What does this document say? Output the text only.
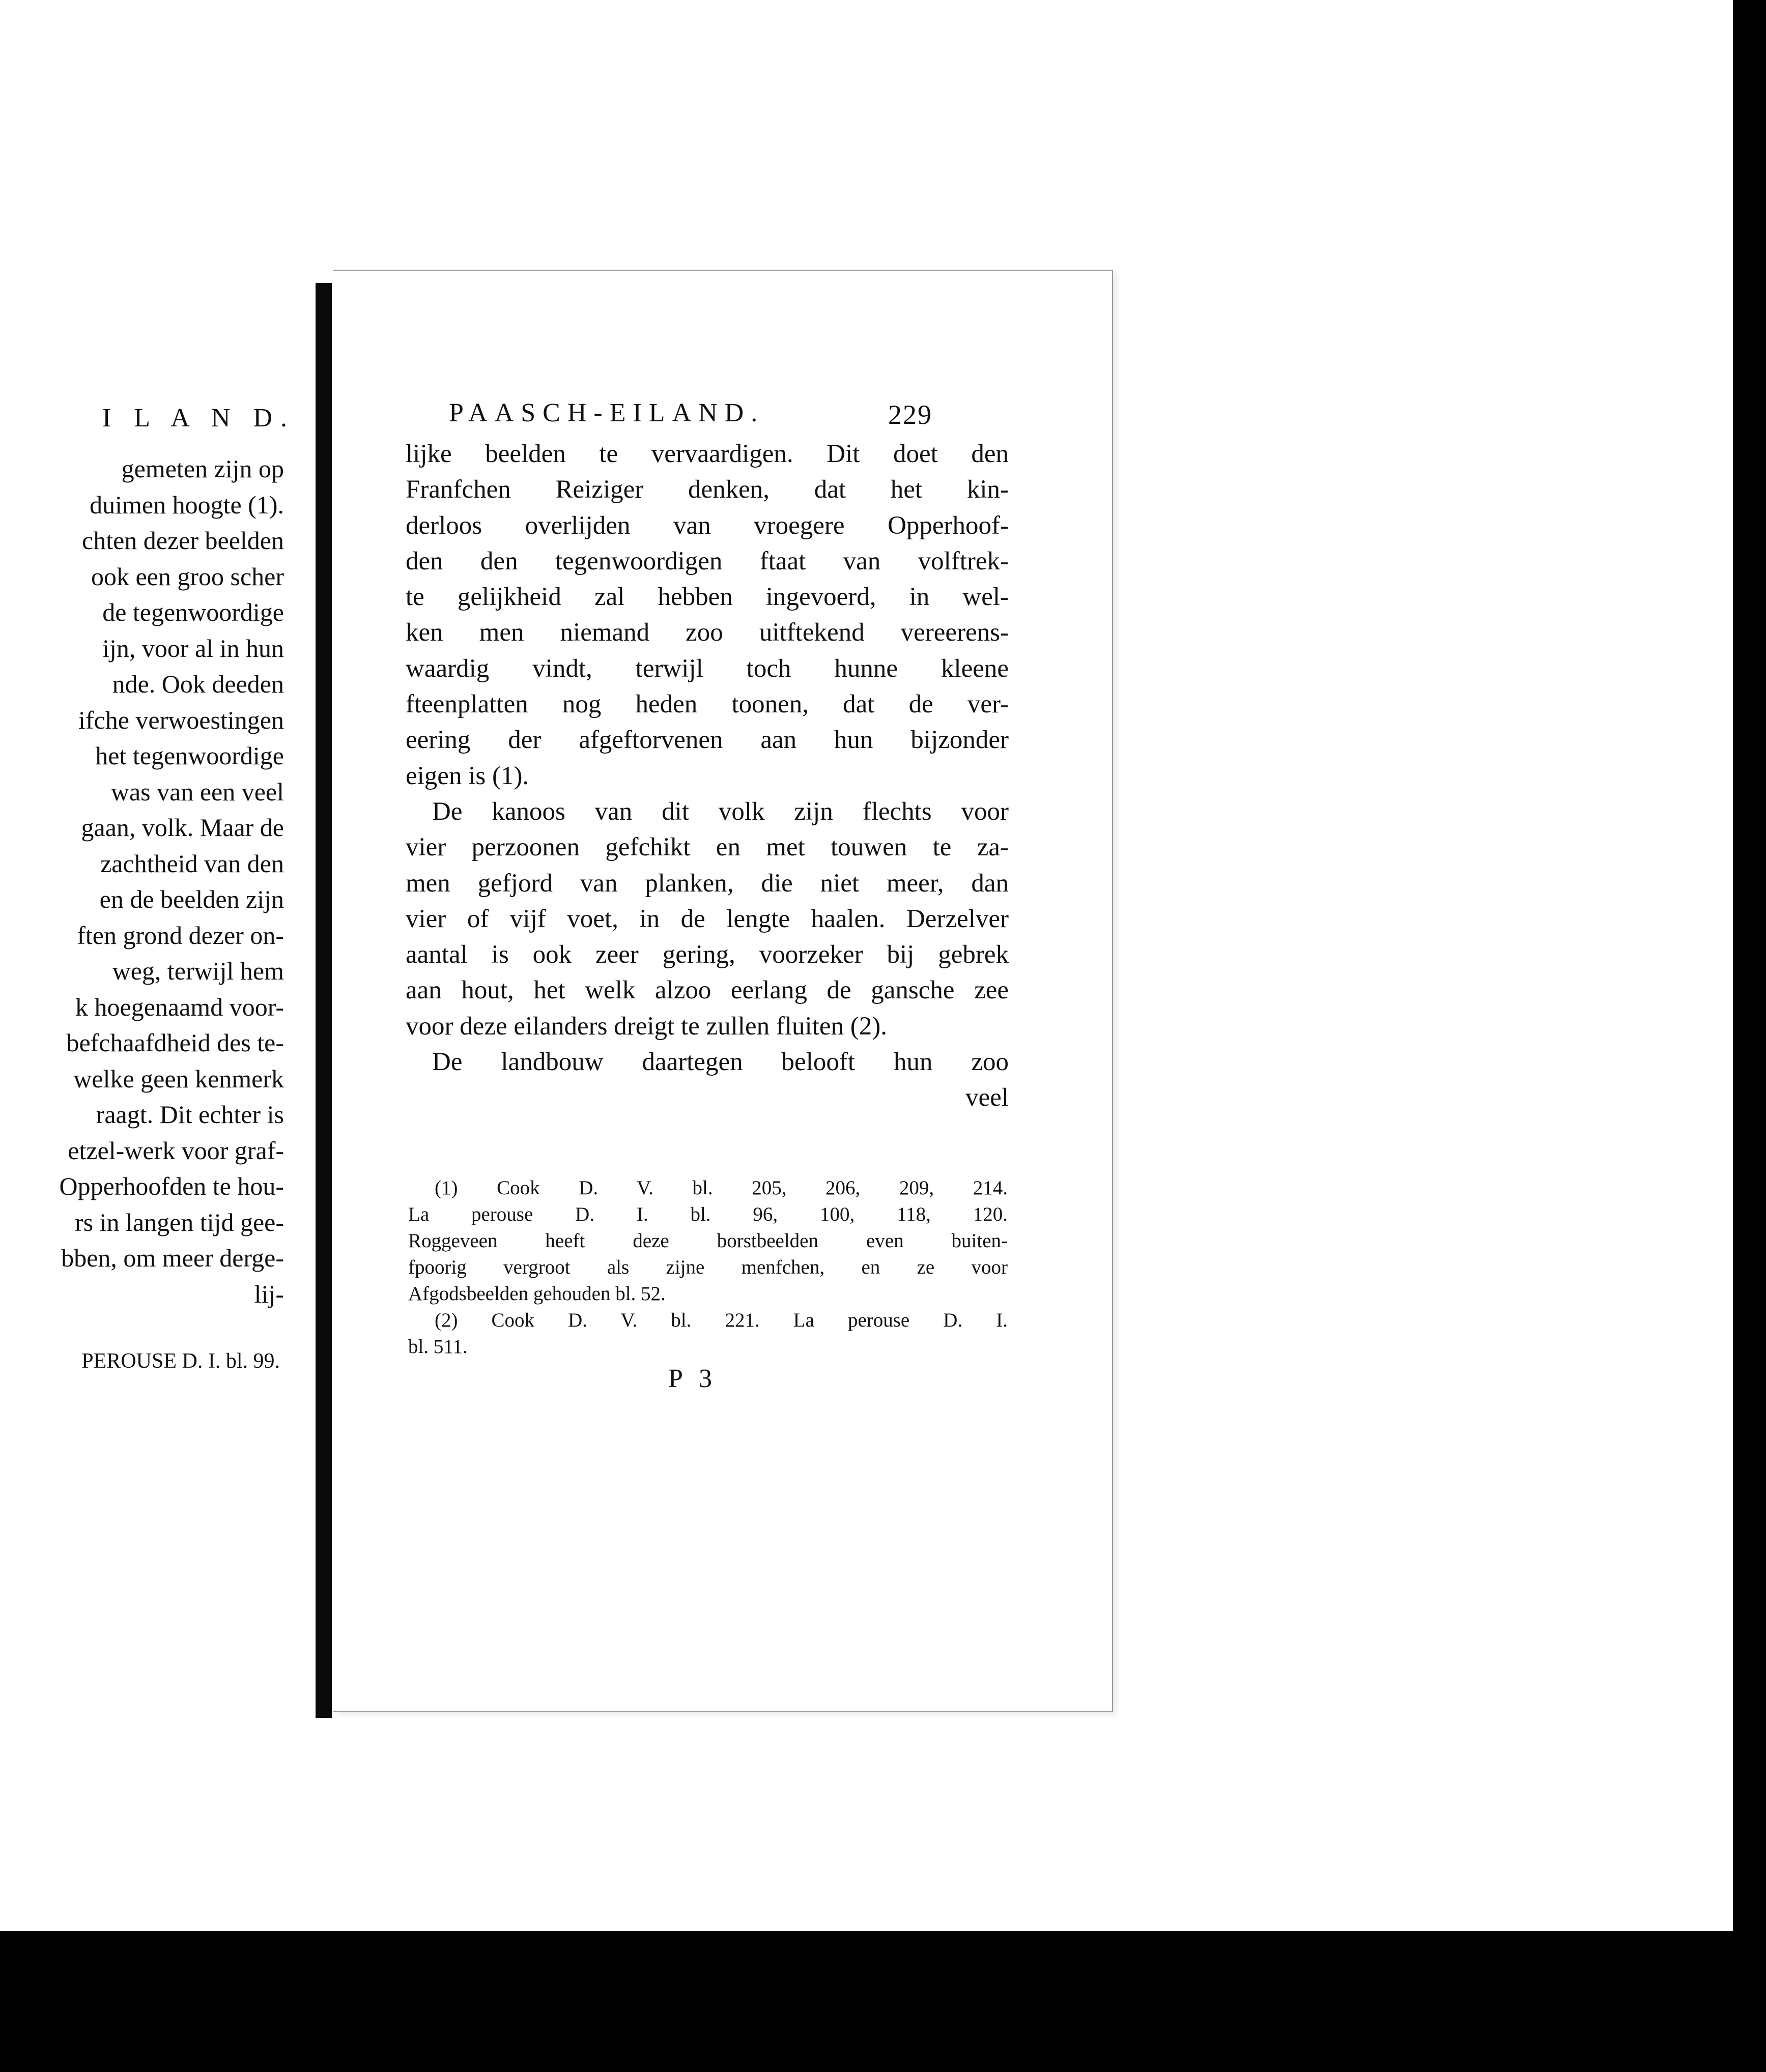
I L A N D.
gemeten zijn op
duimen hoogte (1).
chten dezer beelden
ook een groo scher
de tegenwoordige
ijn, voor al in hun
nde. Ook deeden
ifche verwoestingen
het tegenwoordige
was van een veel
gaan, volk. Maar de
zachtheid van den
en de beelden zijn
ften grond dezer on-
weg, terwijl hem
k hoegenaamd voor-
befchaafdheid des te-
welke geen kenmerk
raagt. Dit echter is
etzel-werk voor graf-
Opperhoofden te hou-
rs in langen tijd gee-
bben, om meer derge-
lij-
PEROUSE D. I. bl. 99.
PAASCH-EILAND.	229
lijke beelden te vervaardigen. Dit doet den
Franfchen Reiziger denken, dat het kin-
derloos overlijden van vroegere Opperhoof-
den den tegenwoordigen ftaat van volftrek-
te gelijkheid zal hebben ingevoerd, in wel-
ken men niemand zoo uitftekend vereerens-
waardig vindt, terwijl toch hunne kleene
fteenplatten nog heden toonen, dat de ver-
eering der afgeftorvenen aan hun bijzonder
eigen is (1).
De kanoos van dit volk zijn flechts voor
vier perzoonen gefchikt en met touwen te za-
men gefjord van planken, die niet meer, dan
vier of vijf voet, in de lengte haalen. Derzelver
aantal is ook zeer gering, voorzeker bij gebrek
aan hout, het welk alzoo eerlang de gansche zee
voor deze eilanders dreigt te zullen fluiten (2).
De landbouw daartegen belooft hun zoo
veel
(1) Cook D. V. bl. 205, 206, 209, 214.
La perouse D. I. bl. 96, 100, 118, 120.
Roggeveen heeft deze borstbeelden even buiten-
fpoorig vergroot als zijne menfchen, en ze voor
Afgodsbeelden gehouden bl. 52.
(2) Cook D. V. bl. 221. La perouse D. I.
bl. 511.
P 3
